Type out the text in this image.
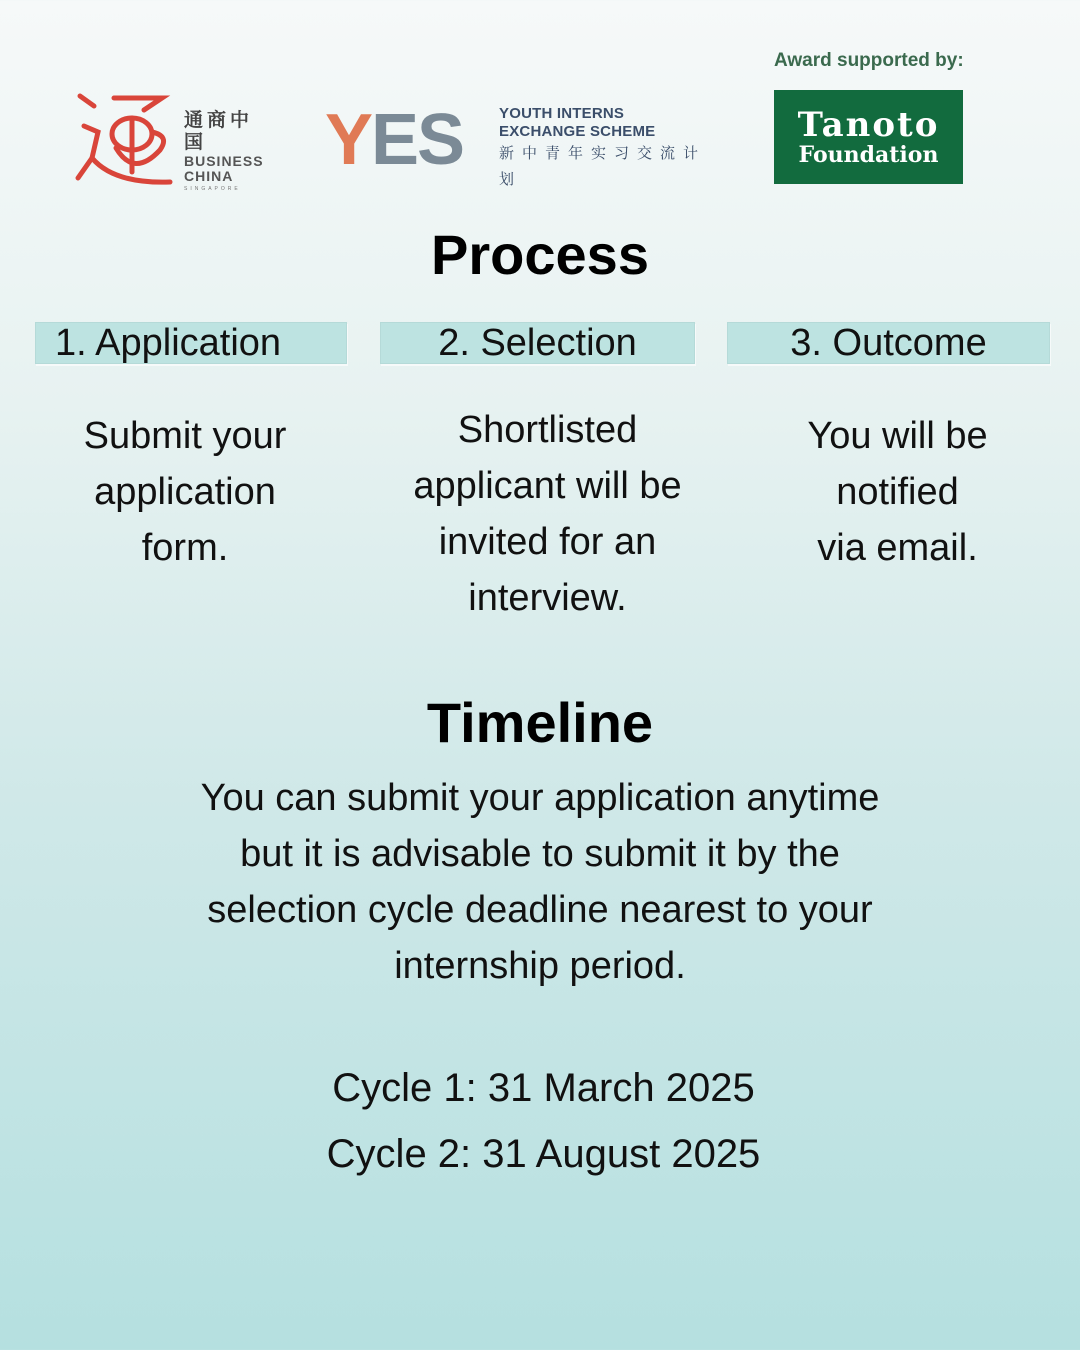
通商中国
BUSINESS
CHINA
SINGAPORE
YES YOUTH INTERNS
EXCHANGE SCHEME
新中青年实习交流计划
Award supported by:
Tanoto
Foundation
Process
1. Application	2. Selection	3. Outcome
Submit your
application
form.
Shortlisted
applicant will be
invited for an
interview.
You will be
notified
via email.
Timeline
You can submit your application anytime
but it is advisable to submit it by the
selection cycle deadline nearest to your
internship period.
Cycle 1: 31 March 2025
Cycle 2: 31 August 2025
